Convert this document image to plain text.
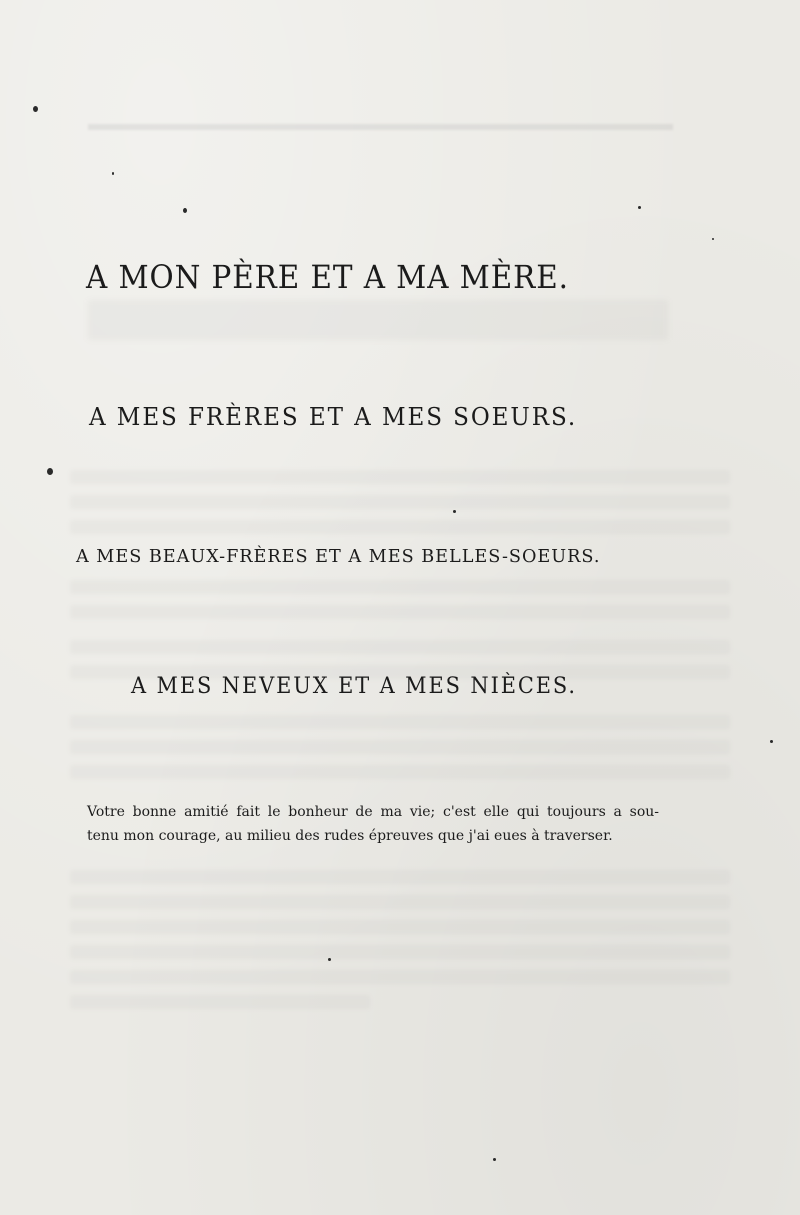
A MON PÈRE ET A MA MÈRE.
A MES FRÈRES ET A MES SOEURS.
A MES BEAUX-FRÈRES ET A MES BELLES-SOEURS.
A MES NEVEUX ET A MES NIÈCES.

Votre bonne amitié fait le bonheur de ma vie; c'est elle qui toujours a sou-
tenu mon courage, au milieu des rudes épreuves que j'ai eues à traverser.
